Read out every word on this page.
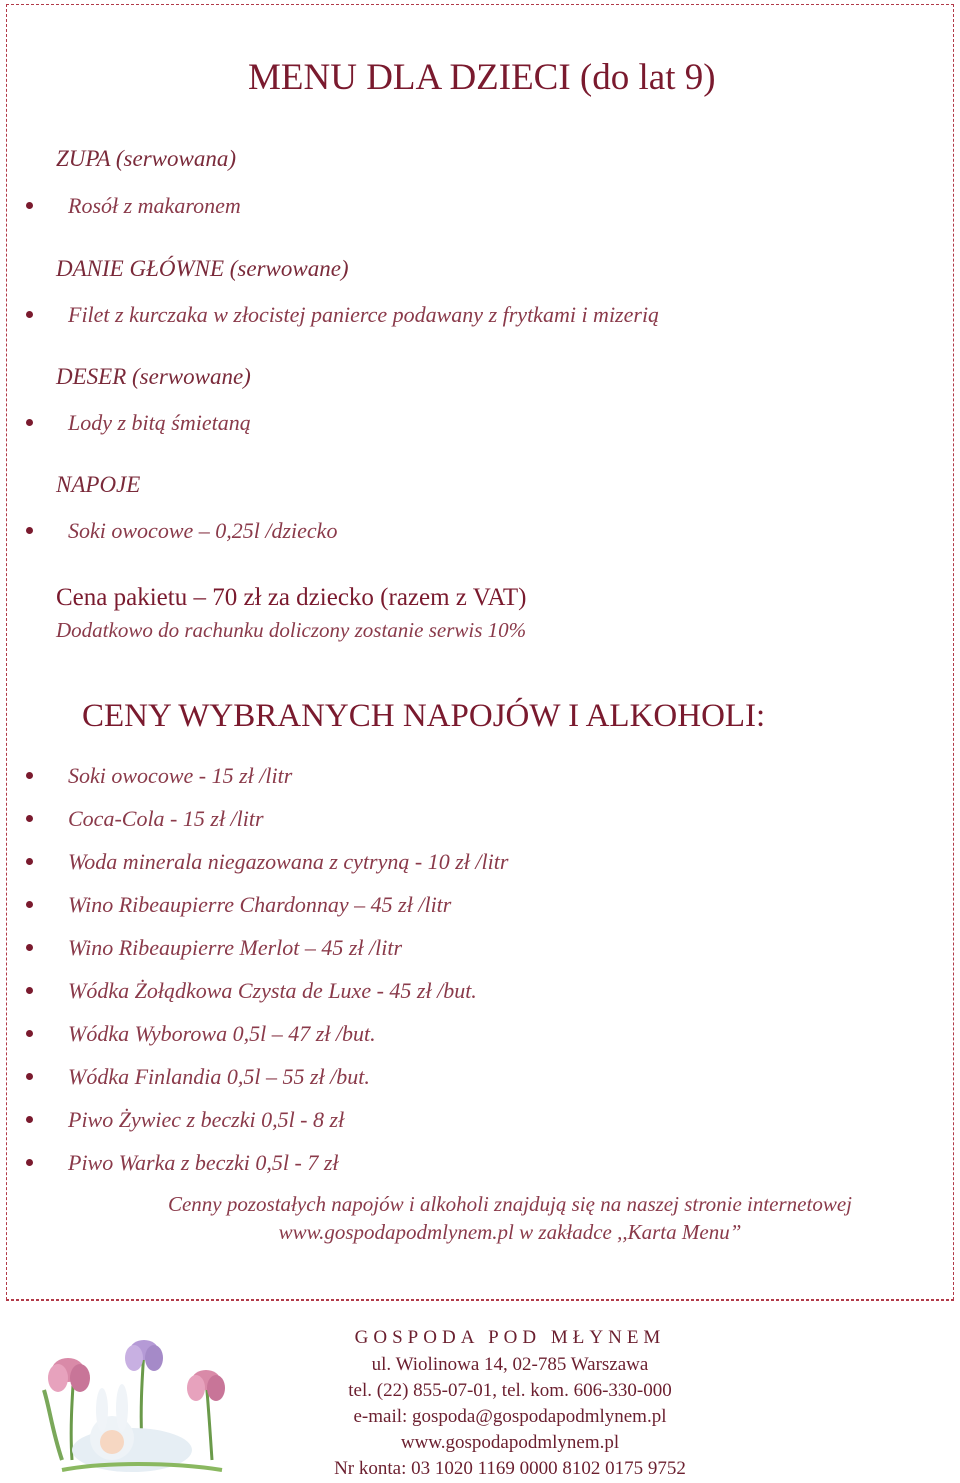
MENU DLA DZIECI (do lat 9)
ZUPA (serwowana)
Rosół z makaronem
DANIE GŁÓWNE (serwowane)
Filet z kurczaka w złocistej panierce podawany z frytkami i mizerią
DESER (serwowane)
Lody z bitą śmietaną
NAPOJE
Soki owocowe – 0,25l /dziecko
Cena pakietu – 70 zł za dziecko (razem z VAT)
Dodatkowo do rachunku doliczony zostanie serwis 10%
CENY WYBRANYCH NAPOJÓW I ALKOHOLI:
Soki owocowe - 15 zł /litr
Coca-Cola - 15 zł /litr
Woda minerala niegazowana z cytryną - 10 zł /litr
Wino Ribeaupierre Chardonnay – 45 zł /litr
Wino Ribeaupierre Merlot – 45 zł /litr
Wódka Żołądkowa Czysta de Luxe - 45 zł /but.
Wódka Wyborowa 0,5l – 47 zł /but.
Wódka Finlandia 0,5l – 55 zł /but.
Piwo Żywiec z beczki 0,5l - 8 zł
Piwo Warka z beczki 0,5l - 7 zł
Cenny pozostałych napojów i alkoholi znajdują się na naszej stronie internetowej
www.gospodapodmlynem.pl w zakładce ,,Karta Menu”
GOSPODA POD MŁYNEM
ul. Wiolinowa 14, 02-785 Warszawa
tel. (22) 855-07-01, tel. kom. 606-330-000
e-mail: gospoda@gospodapodmlynem.pl
www.gospodapodmlynem.pl
Nr konta: 03 1020 1169 0000 8102 0175 9752
